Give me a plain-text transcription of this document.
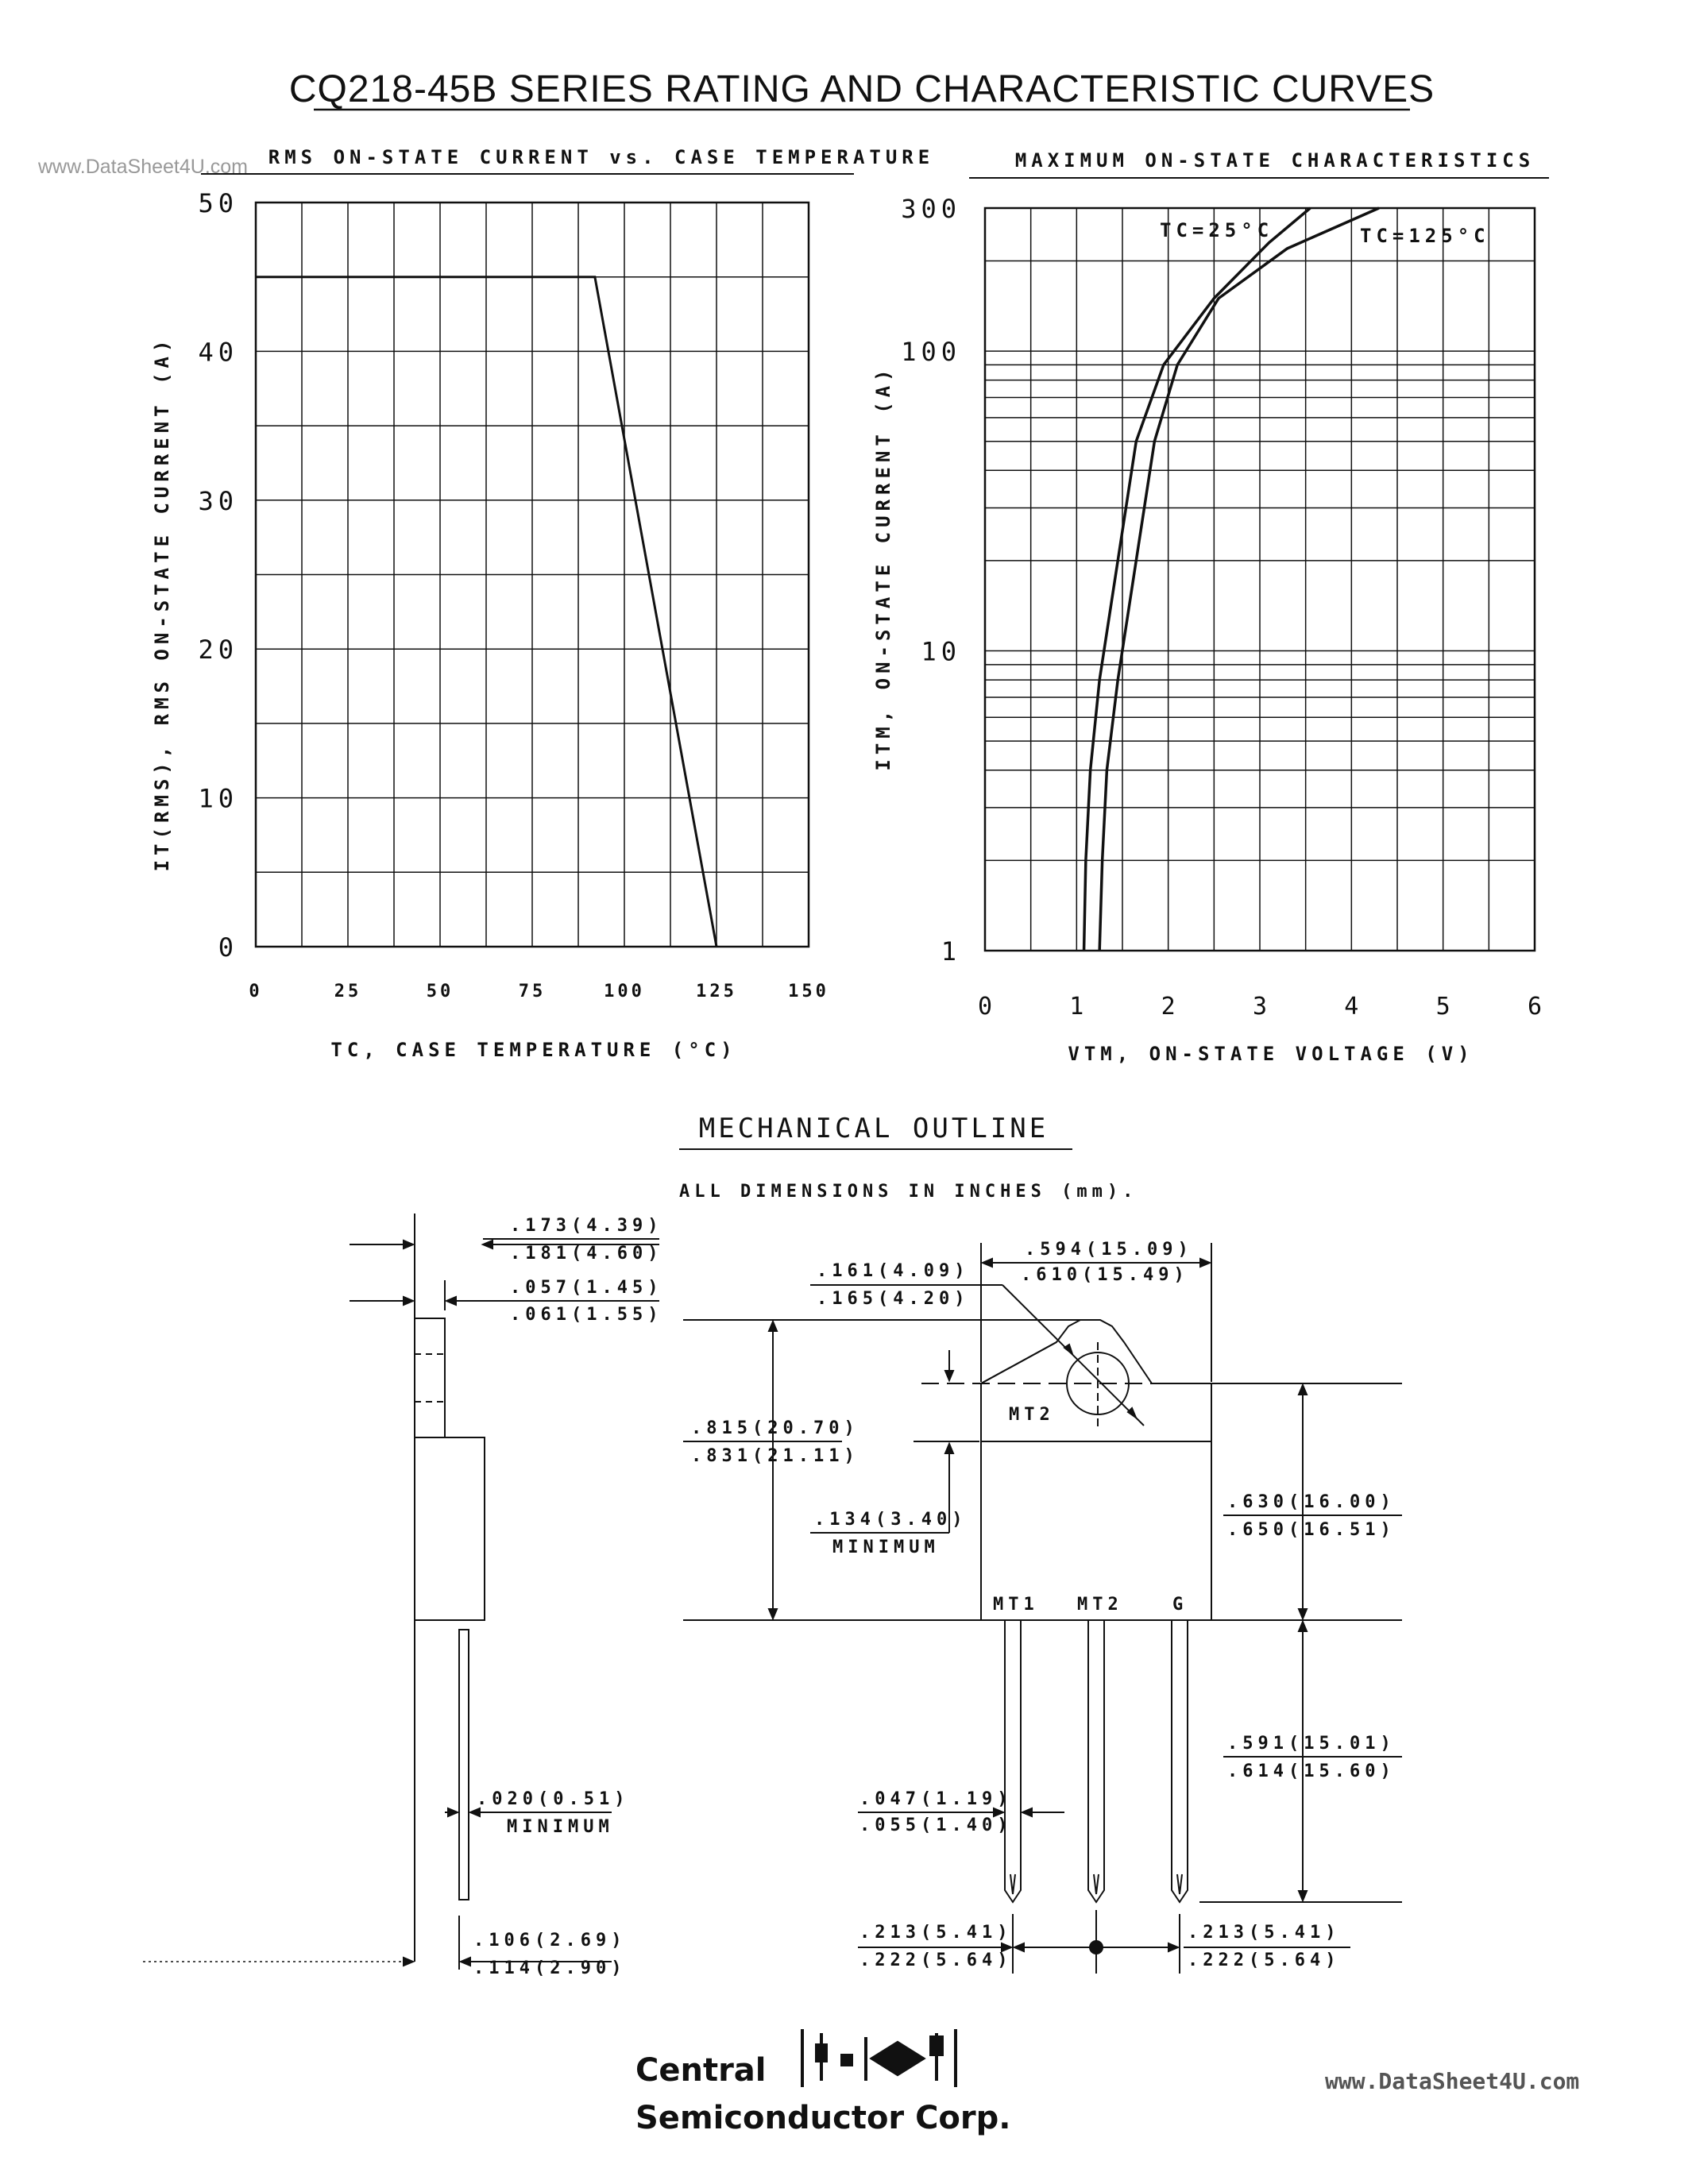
CQ218-45B SERIES RATING AND CHARACTERISTIC CURVES
www.DataSheet4U.com RMS ON-STATE CURRENT vs. CASE TEMPERATURE
0	25	50	75	100	125	150
0
10
20
30
40
50
IT(RMS), RMS ON-STATE CURRENT (A)
TC, CASE TEMPERATURE (°C)
MAXIMUM ON-STATE CHARACTERISTICS
0	1	2	3	4	5	6
1
10
100
300
TC=25°C	TC=125°C
ITM, ON-STATE CURRENT (A)
VTM, ON-STATE VOLTAGE (V)
MECHANICAL OUTLINE
ALL DIMENSIONS IN INCHES (mm).
MT2
MT1 MT2	G
.173(4.39)
.181(4.60)
.057(1.45)
.061(1.55)
.020(0.51)
MINIMUM
.106(2.69)
.114(2.90)
.594(15.09)
.610(15.49)
.161(4.09)
.165(4.20)
.815(20.70)
.831(21.11)
.134(3.40)
MINIMUM
.630(16.00)
.650(16.51)
.591(15.01)
.614(15.60)
.047(1.19)
.055(1.40)
.213(5.41)
.222(5.64)
.213(5.41)
.222(5.64)
Central
Semiconductor Corp.
www.DataSheet4U.com
